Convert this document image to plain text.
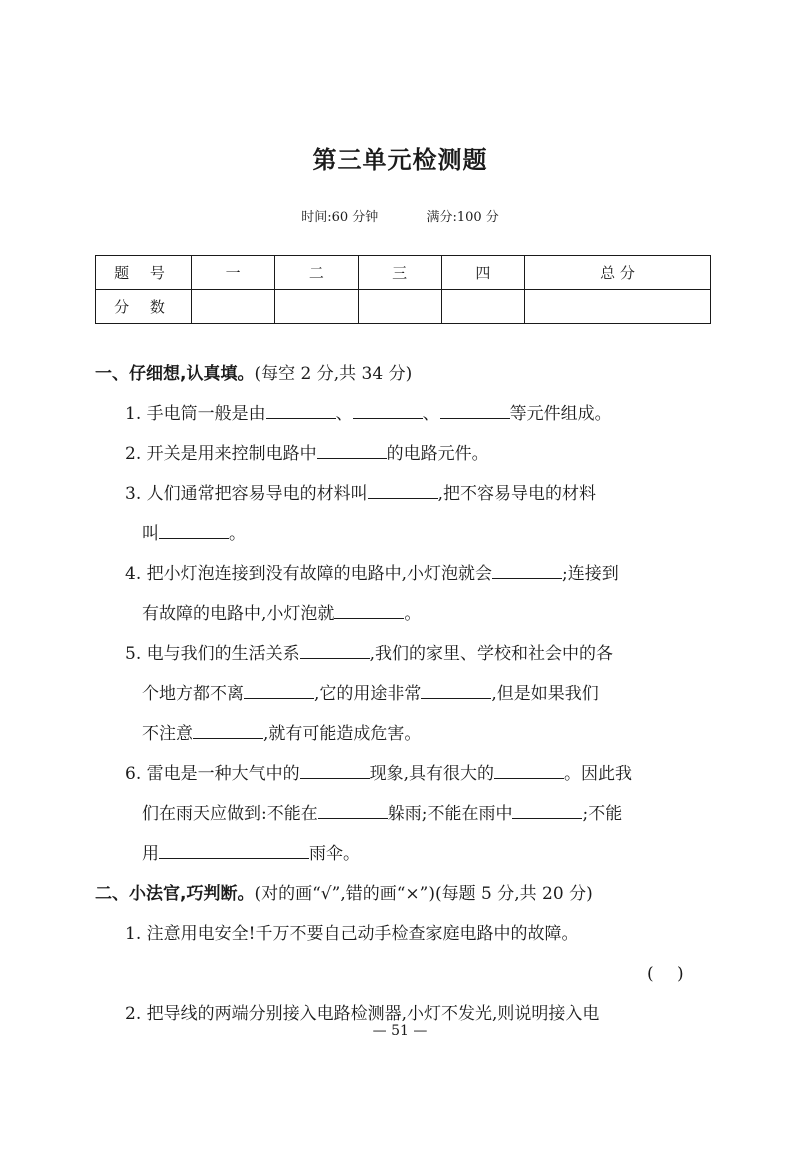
第三单元检测题
时间:60 分钟	满分:100 分
题 号	一	二	三	四	总 分
分 数					
一、仔细想,认真填。(每空 2 分,共 34 分)
1. 手电筒一般是由	、	、	等元件组成。
2. 开关是用来控制电路中	的电路元件。
3. 人们通常把容易导电的材料叫	,把不容易导电的材料
叫	。
4. 把小灯泡连接到没有故障的电路中,小灯泡就会	;连接到
有故障的电路中,小灯泡就	。
5. 电与我们的生活关系	,我们的家里、学校和社会中的各
个地方都不离	,它的用途非常	,但是如果我们
不注意	,就有可能造成危害。
6. 雷电是一种大气中的	现象,具有很大的	。因此我
们在雨天应做到:不能在	躲雨;不能在雨中	;不能
用	雨伞。
二、小法官,巧判断。(对的画“√”,错的画“×”)(每题 5 分,共 20 分)
1. 注意用电安全!千万不要自己动手检查家庭电路中的故障。
(	)
2. 把导线的两端分别接入电路检测器,小灯不发光,则说明接入电
— 51 —
